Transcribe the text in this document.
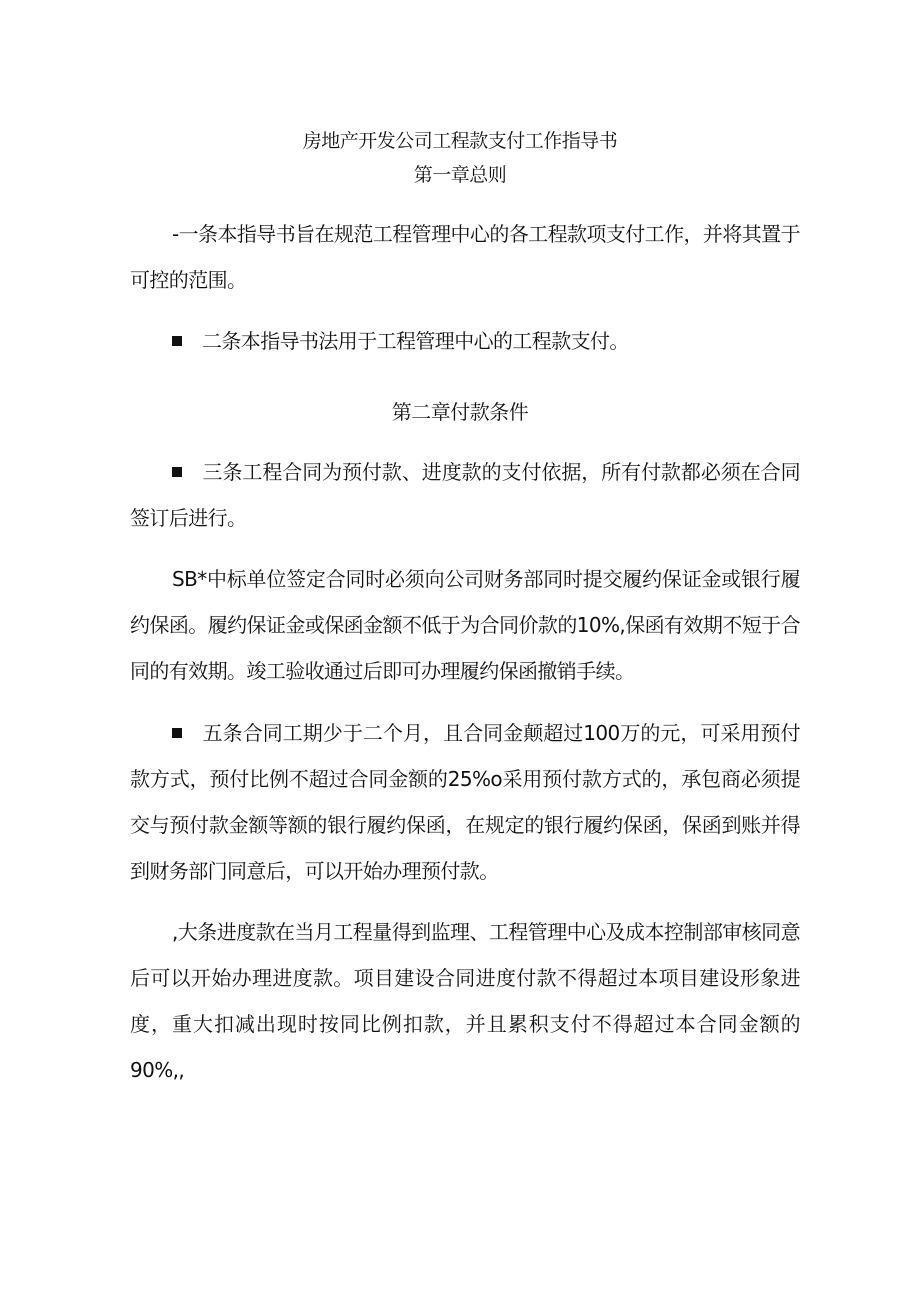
房地产开发公司工程款支付工作指导书
第一章总则

-一条本指导书旨在规范工程管理中心的各工程款项支付工作，并将其置于可控的范围。

二条本指导书法用于工程管理中心的工程款支付。

第二章付款条件

三条工程合同为预付款、进度款的支付依据，所有付款都必须在合同签订后进行。

SB*中标单位签定合同时必须向公司财务部同时提交履约保证金或银行履约保函。履约保证金或保函金额不低于为合同价款的10%,保函有效期不短于合同的有效期。竣工验收通过后即可办理履约保函撤销手续。

五条合同工期少于二个月，且合同金颠超过100万的元，可采用预付款方式，预付比例不超过合同金额的25%o采用预付款方式的，承包商必须提交与预付款金额等额的银行履约保函，在规定的银行履约保函，保函到账并得到财务部门同意后，可以开始办理预付款。

,大条进度款在当月工程量得到监理、工程管理中心及成本控制部审核同意后可以开始办理进度款。项目建设合同进度付款不得超过本项目建设形象进度，重大扣减出现时按同比例扣款，并且累积支付不得超过本合同金额的90%,,
